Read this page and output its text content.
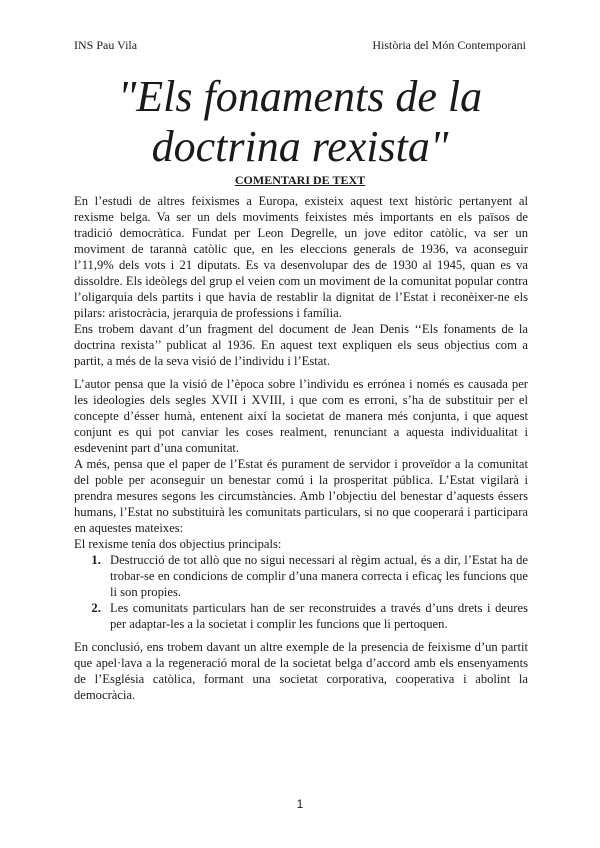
INS Pau Vila	Història del Món Contemporani
"Els fonaments de la
doctrina rexista"
COMENTARI DE TEXT

En l’estudi de altres feixismes a Europa, existeix aquest text històric pertanyent al rexisme belga. Va ser un dels moviments feixistes més importants en els països de tradició democràtica. Fundat per Leon Degrelle, un jove editor catòlic, va ser un moviment de tarannà catòlic que, en les eleccions generals de 1936, va aconseguir l’11,9% dels vots i 21 diputats. Es va desenvolupar des de 1930 al 1945, quan es va dissoldre. Els ideòlegs del grup el veien com un moviment de la comunitat popular contra l’oligarquia dels partits i que havia de restablir la dignitat de l’Estat i reconèixer-ne els pilars: aristocràcia, jerarquia de professions i família.

Ens trobem davant d’un fragment del document de Jean Denis ‘‘Els fonaments de la doctrina rexista’’ publicat al 1936. En aquest text expliquen els seus objectius com a partit, a més de la seva visió de l’individu i l’Estat.

L’autor pensa que la visió de l’època sobre l’individu es errónea i només es causada per les ideologies dels segles XVII i XVIII, i que com es erroni, s’ha de substituir per el concepte d’ésser humà, entenent així la societat de manera més conjunta, i que aquest conjunt es qui pot canviar les coses realment, renunciant a aquesta individualitat i esdevenint part d’una comunitat.

A més, pensa que el paper de l’Estat és purament de servidor i proveïdor a la comunitat del poble per aconseguir un benestar comú i la prosperitat pública. L’Estat vigilarà i prendra mesures segons les circumstàncies. Amb l’objectiu del benestar d’aquests éssers humans, l’Estat no substituirà les comunitats particulars, si no que cooperará i participara en aquestes mateixes:

El rexisme tenía dos objectius principals:

1. Destrucció de tot allò que no sigui necessari al règim actual, és a dir, l’Estat ha de trobar-se en condicions de complir d’una manera correcta i eficaç les funcions que li son propies.
2. Les comunitats particulars han de ser reconstruides a través d’uns drets i deures per adaptar-les a la societat i complir les funcions que li pertoquen.

En conclusió, ens trobem davant un altre exemple de la presencia de feixisme d’un partit que apel·lava a la regeneració moral de la societat belga d’accord amb els ensenyaments de l’Església catòlica, formant una societat corporativa, cooperativa i abolint la democràcia.

1
